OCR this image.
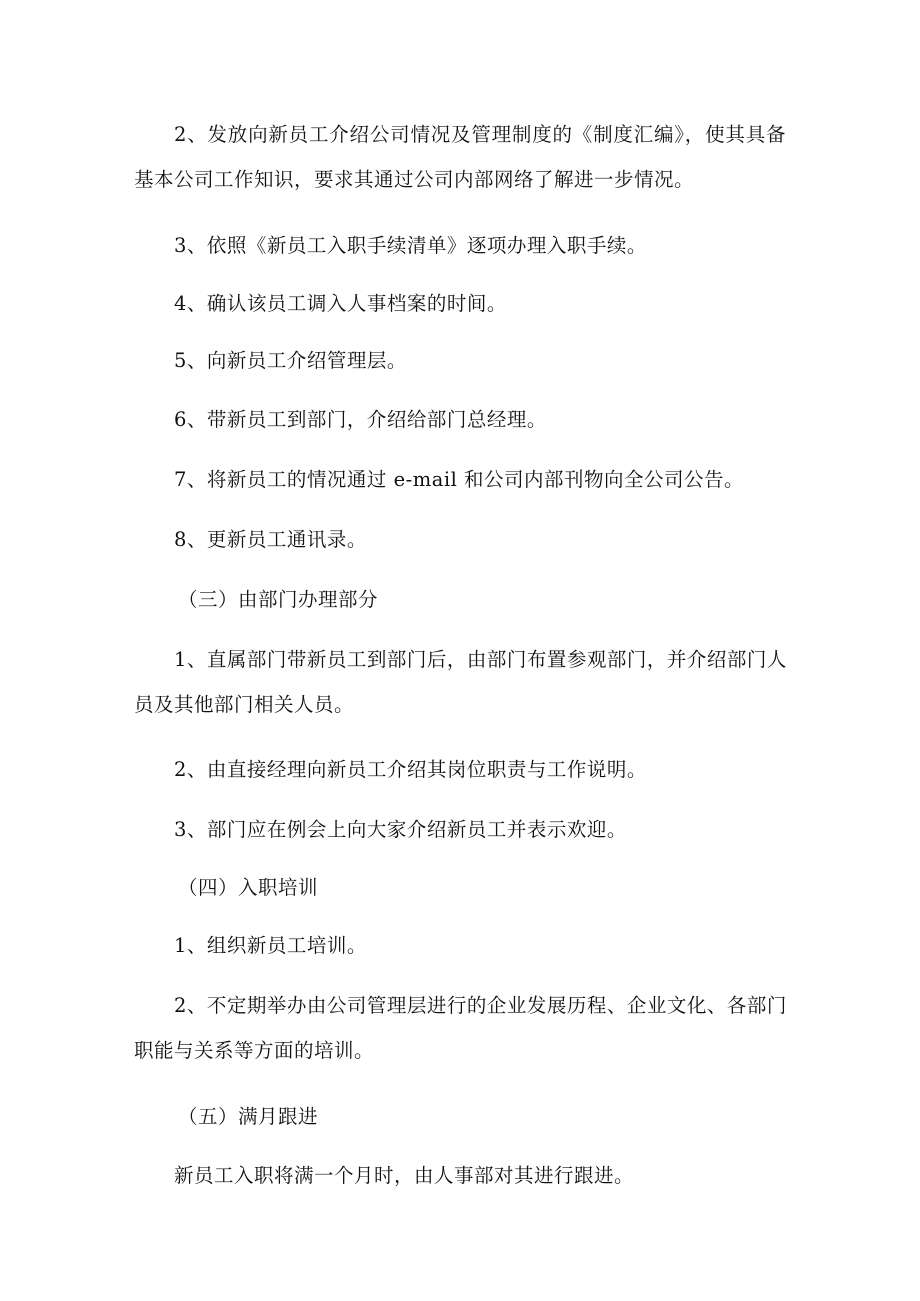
2、发放向新员工介绍公司情况及管理制度的《制度汇编》，使其具备
基本公司工作知识，要求其通过公司内部网络了解进一步情况。
3、依照《新员工入职手续清单》逐项办理入职手续。
4、确认该员工调入人事档案的时间。
5、向新员工介绍管理层。
6、带新员工到部门，介绍给部门总经理。
7、将新员工的情况通过 e-mail 和公司内部刊物向全公司公告。
8、更新员工通讯录。
（三）由部门办理部分
1、直属部门带新员工到部门后，由部门布置参观部门，并介绍部门人
员及其他部门相关人员。
2、由直接经理向新员工介绍其岗位职责与工作说明。
3、部门应在例会上向大家介绍新员工并表示欢迎。
（四）入职培训
1、组织新员工培训。
2、不定期举办由公司管理层进行的企业发展历程、企业文化、各部门
职能与关系等方面的培训。
（五）满月跟进
新员工入职将满一个月时，由人事部对其进行跟进。
